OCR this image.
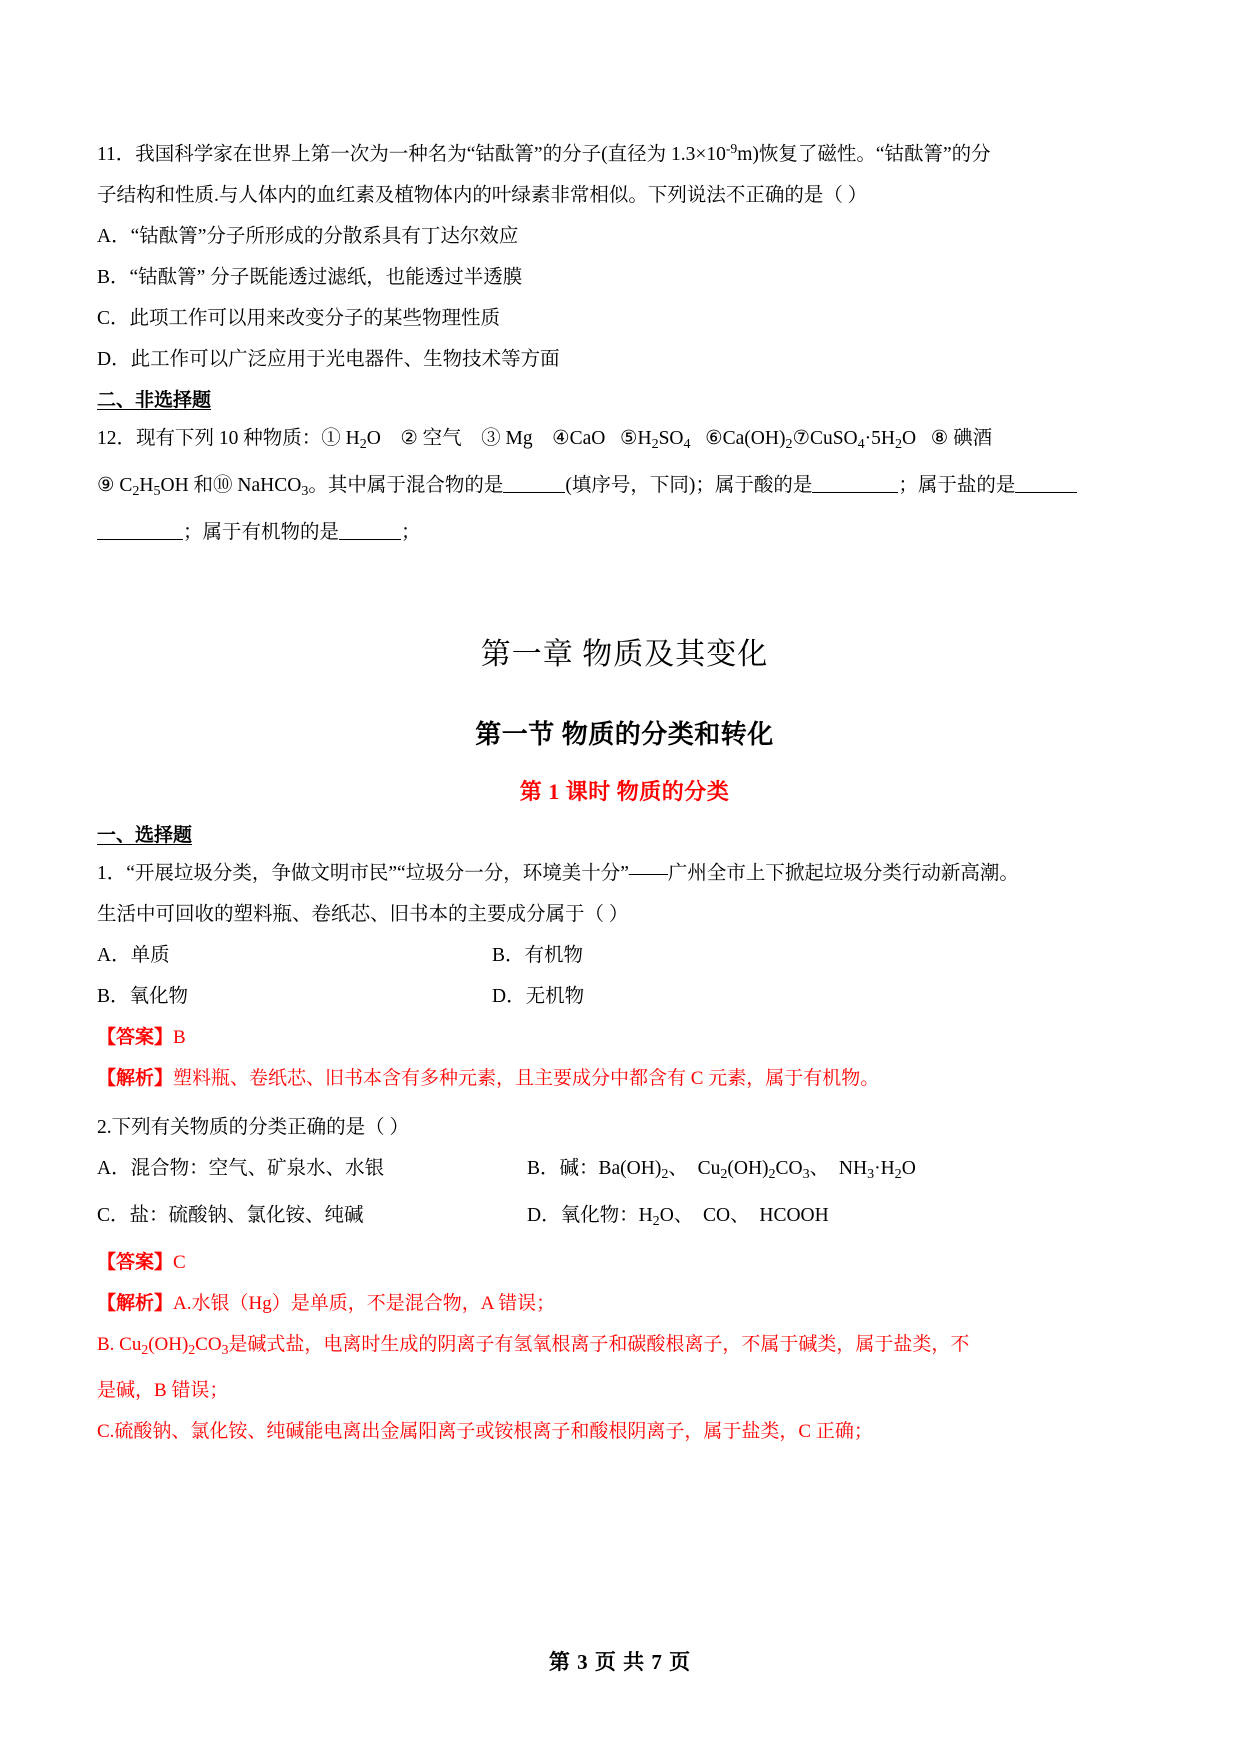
11．我国科学家在世界上第一次为一种名为“钴酞箐”的分子(直径为 $1.3\times 10^{-9}m$)恢复了磁性。“钴酞箐”的分
子结构和性质.与人体内的血红素及植物体内的叶绿素非常相似。下列说法不正确的是（ ）
A．“钴酞箐”分子所形成的分散系具有丁达尔效应
B．“钴酞箐” 分子既能透过滤纸，也能透过半透膜
C．此项工作可以用来改变分子的某些物理性质
D．此工作可以广泛应用于光电器件、生物技术等方面
二、非选择题
12．现有下列 10 种物质：① $H_2O$    ② 空气    ③ Mg    ④CaO   $⑤H_2SO_4$   $⑥Ca(OH)_2⑦CuSO_4\cdot 5H_2O$   ⑧ 碘酒
⑨ $C_2H_5OH$ 和⑩ NaHCO$_3$。其中属于混合物的是	(填序号，下同)；属于酸的是	；属于盐的是
；属于有机物的是	；
第一章 物质及其变化
第一节 物质的分类和转化
第 1 课时 物质的分类
一、选择题
1．“开展垃圾分类，争做文明市民”“垃圾分一分，环境美十分”——广州全市上下掀起垃圾分类行动新高潮。
生活中可回收的塑料瓶、卷纸芯、旧书本的主要成分属于（ ）
A．单质	B．有机物
B．氧化物	D．无机物
【答案】B
【解析】塑料瓶、卷纸芯、旧书本含有多种元素，且主要成分中都含有 C 元素，属于有机物。
2.下列有关物质的分类正确的是（ ）
A．混合物：空气、矿泉水、水银	B．碱：$Ba(OH)_2$、  $Cu_2(OH)_2CO_3$、  $NH_3\cdot H_2O$
C．盐：硫酸钠、氯化铵、纯碱	D．氧化物：$H_2O$、  CO、  HCOOH
【答案】C
【解析】A.水银（Hg）是单质，不是混合物，A 错误；
B. $Cu_2(OH)_2CO_3$是碱式盐，电离时生成的阴离子有氢氧根离子和碳酸根离子，不属于碱类，属于盐类，不
是碱，B 错误；
C.硫酸钠、氯化铵、纯碱能电离出金属阳离子或铵根离子和酸根阴离子，属于盐类，C 正确；
第 3 页 共 7 页
